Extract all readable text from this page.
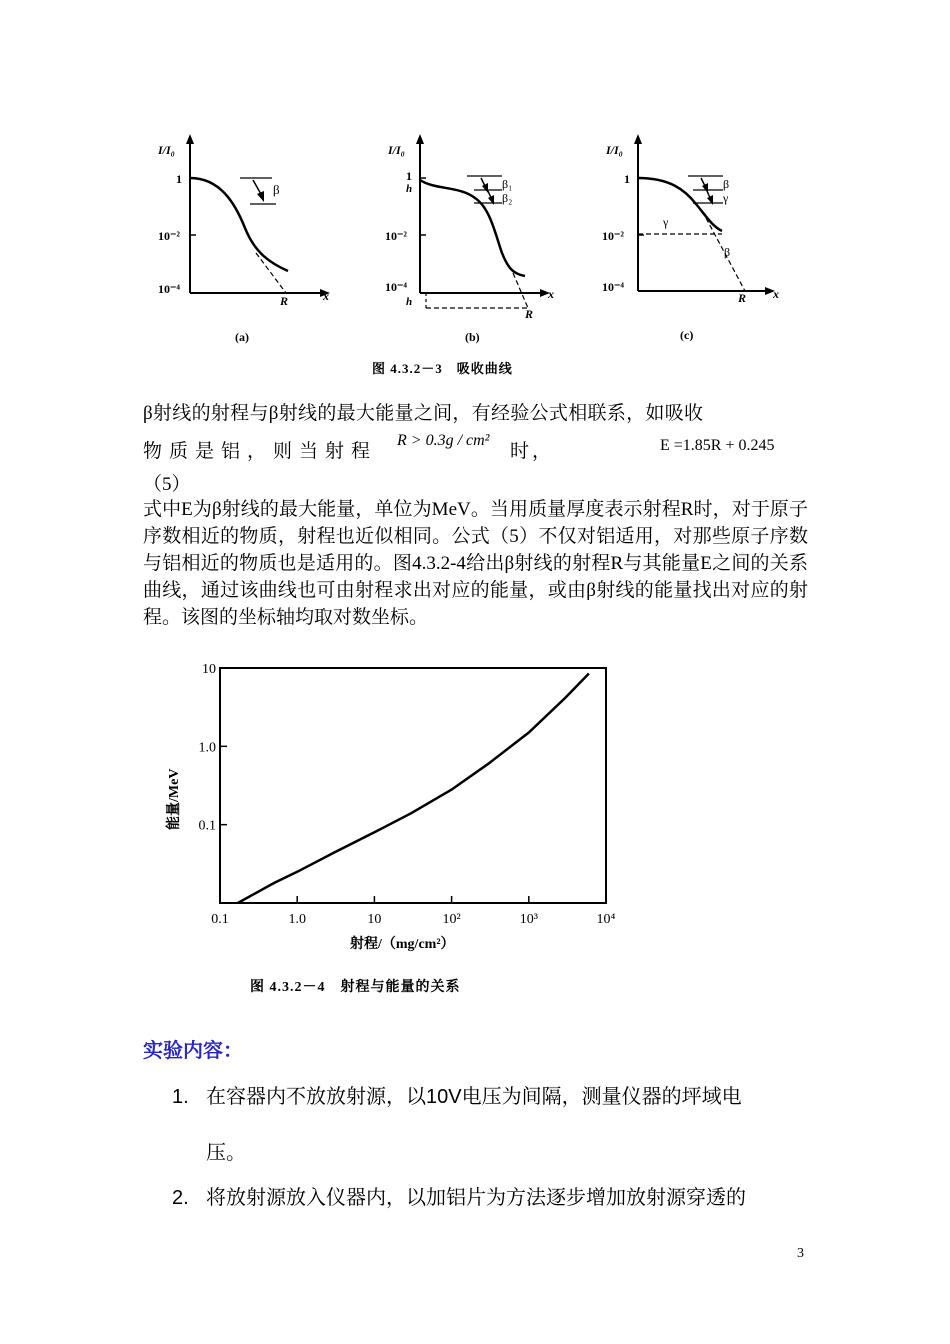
I/I₀
1
10⁻²
10⁻⁴	x
R
β
(a)
I/I₀
1
h
10⁻²
10⁻⁴
h
x
R
β₁
β₂
(b)
I/I₀
1
10⁻²
10⁻⁴	x
R
β
γ
γ
β
(c)
图 4.3.2－3　吸收曲线
β射线的射程与β射线的最大能量之间，有经验公式相联系，如吸收
物质是铝，则当射程
R > 0.3g / cm²
时，	E =1.85R + 0.245
（5）
式中E为β射线的最大能量，单位为MeV。当用质量厚度表示射程R时，对于原子序数相近的物质，射程也近似相同。公式（5）不仅对铝适用，对那些原子序数与铝相近的物质也是适用的。图4.3.2-4给出β射线的射程R与其能量E之间的关系曲线，通过该曲线也可由射程求出对应的能量，或由β射线的能量找出对应的射程。该图的坐标轴均取对数坐标。
0.1	1.0	10	10²	10³	10⁴
10
1.0
0.1
射程/（mg/cm²）
能量/MeV
图 4.3.2－4　射程与能量的关系
实验内容：
1. 在容器内不放放射源，以10V电压为间隔，测量仪器的坪域电
压。
2. 将放射源放入仪器内，以加铝片为方法逐步增加放射源穿透的
3
